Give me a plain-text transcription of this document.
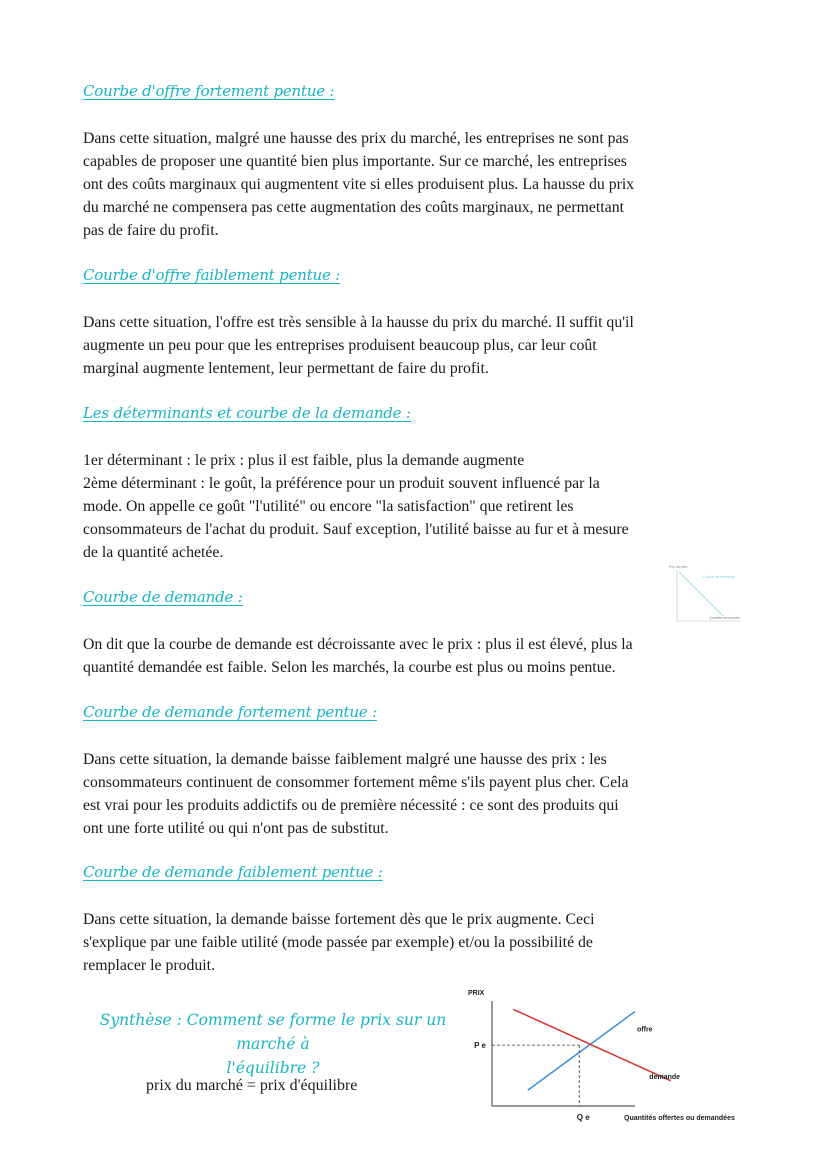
Courbe d'offre fortement pentue :

Dans cette situation, malgré une hausse des prix du marché, les entreprises ne sont pas
capables de proposer une quantité bien plus importante. Sur ce marché, les entreprises
ont des coûts marginaux qui augmentent vite si elles produisent plus. La hausse du prix
du marché ne compensera pas cette augmentation des coûts marginaux, ne permettant
pas de faire du profit.

Courbe d'offre faiblement pentue :

Dans cette situation, l'offre est très sensible à la hausse du prix du marché. Il suffit qu'il
augmente un peu pour que les entreprises produisent beaucoup plus, car leur coût
marginal augmente lentement, leur permettant de faire du profit.

Les déterminants et courbe de la demande :

1er déterminant : le prix : plus il est faible, plus la demande augmente
2ème déterminant : le goût, la préférence pour un produit souvent influencé par la
mode. On appelle ce goût "l'utilité" ou encore "la satisfaction" que retirent les
consommateurs de l'achat du produit. Sauf exception, l'utilité baisse au fur et à mesure
de la quantité achetée.

Courbe de demande :
Prix du bien
Courbe de demande
Quantité demandée

On dit que la courbe de demande est décroissante avec le prix : plus il est élevé, plus la
quantité demandée est faible. Selon les marchés, la courbe est plus ou moins pentue.

Courbe de demande fortement pentue :

Dans cette situation, la demande baisse faiblement malgré une hausse des prix : les
consommateurs continuent de consommer fortement même s'ils payent plus cher. Cela
est vrai pour les produits addictifs ou de première nécessité : ce sont des produits qui
ont une forte utilité ou qui n'ont pas de substitut.

Courbe de demande faiblement pentue :

Dans cette situation, la demande baisse fortement dès que le prix augmente. Ceci
s'explique par une faible utilité (mode passée par exemple) et/ou la possibilité de
remplacer le produit.

Synthèse : Comment se forme le prix sur un marché à
l'équilibre ?
prix du marché = prix d'équilibre
PRIX
offre
demande
P e
Q e	Quantités offertes ou demandées
